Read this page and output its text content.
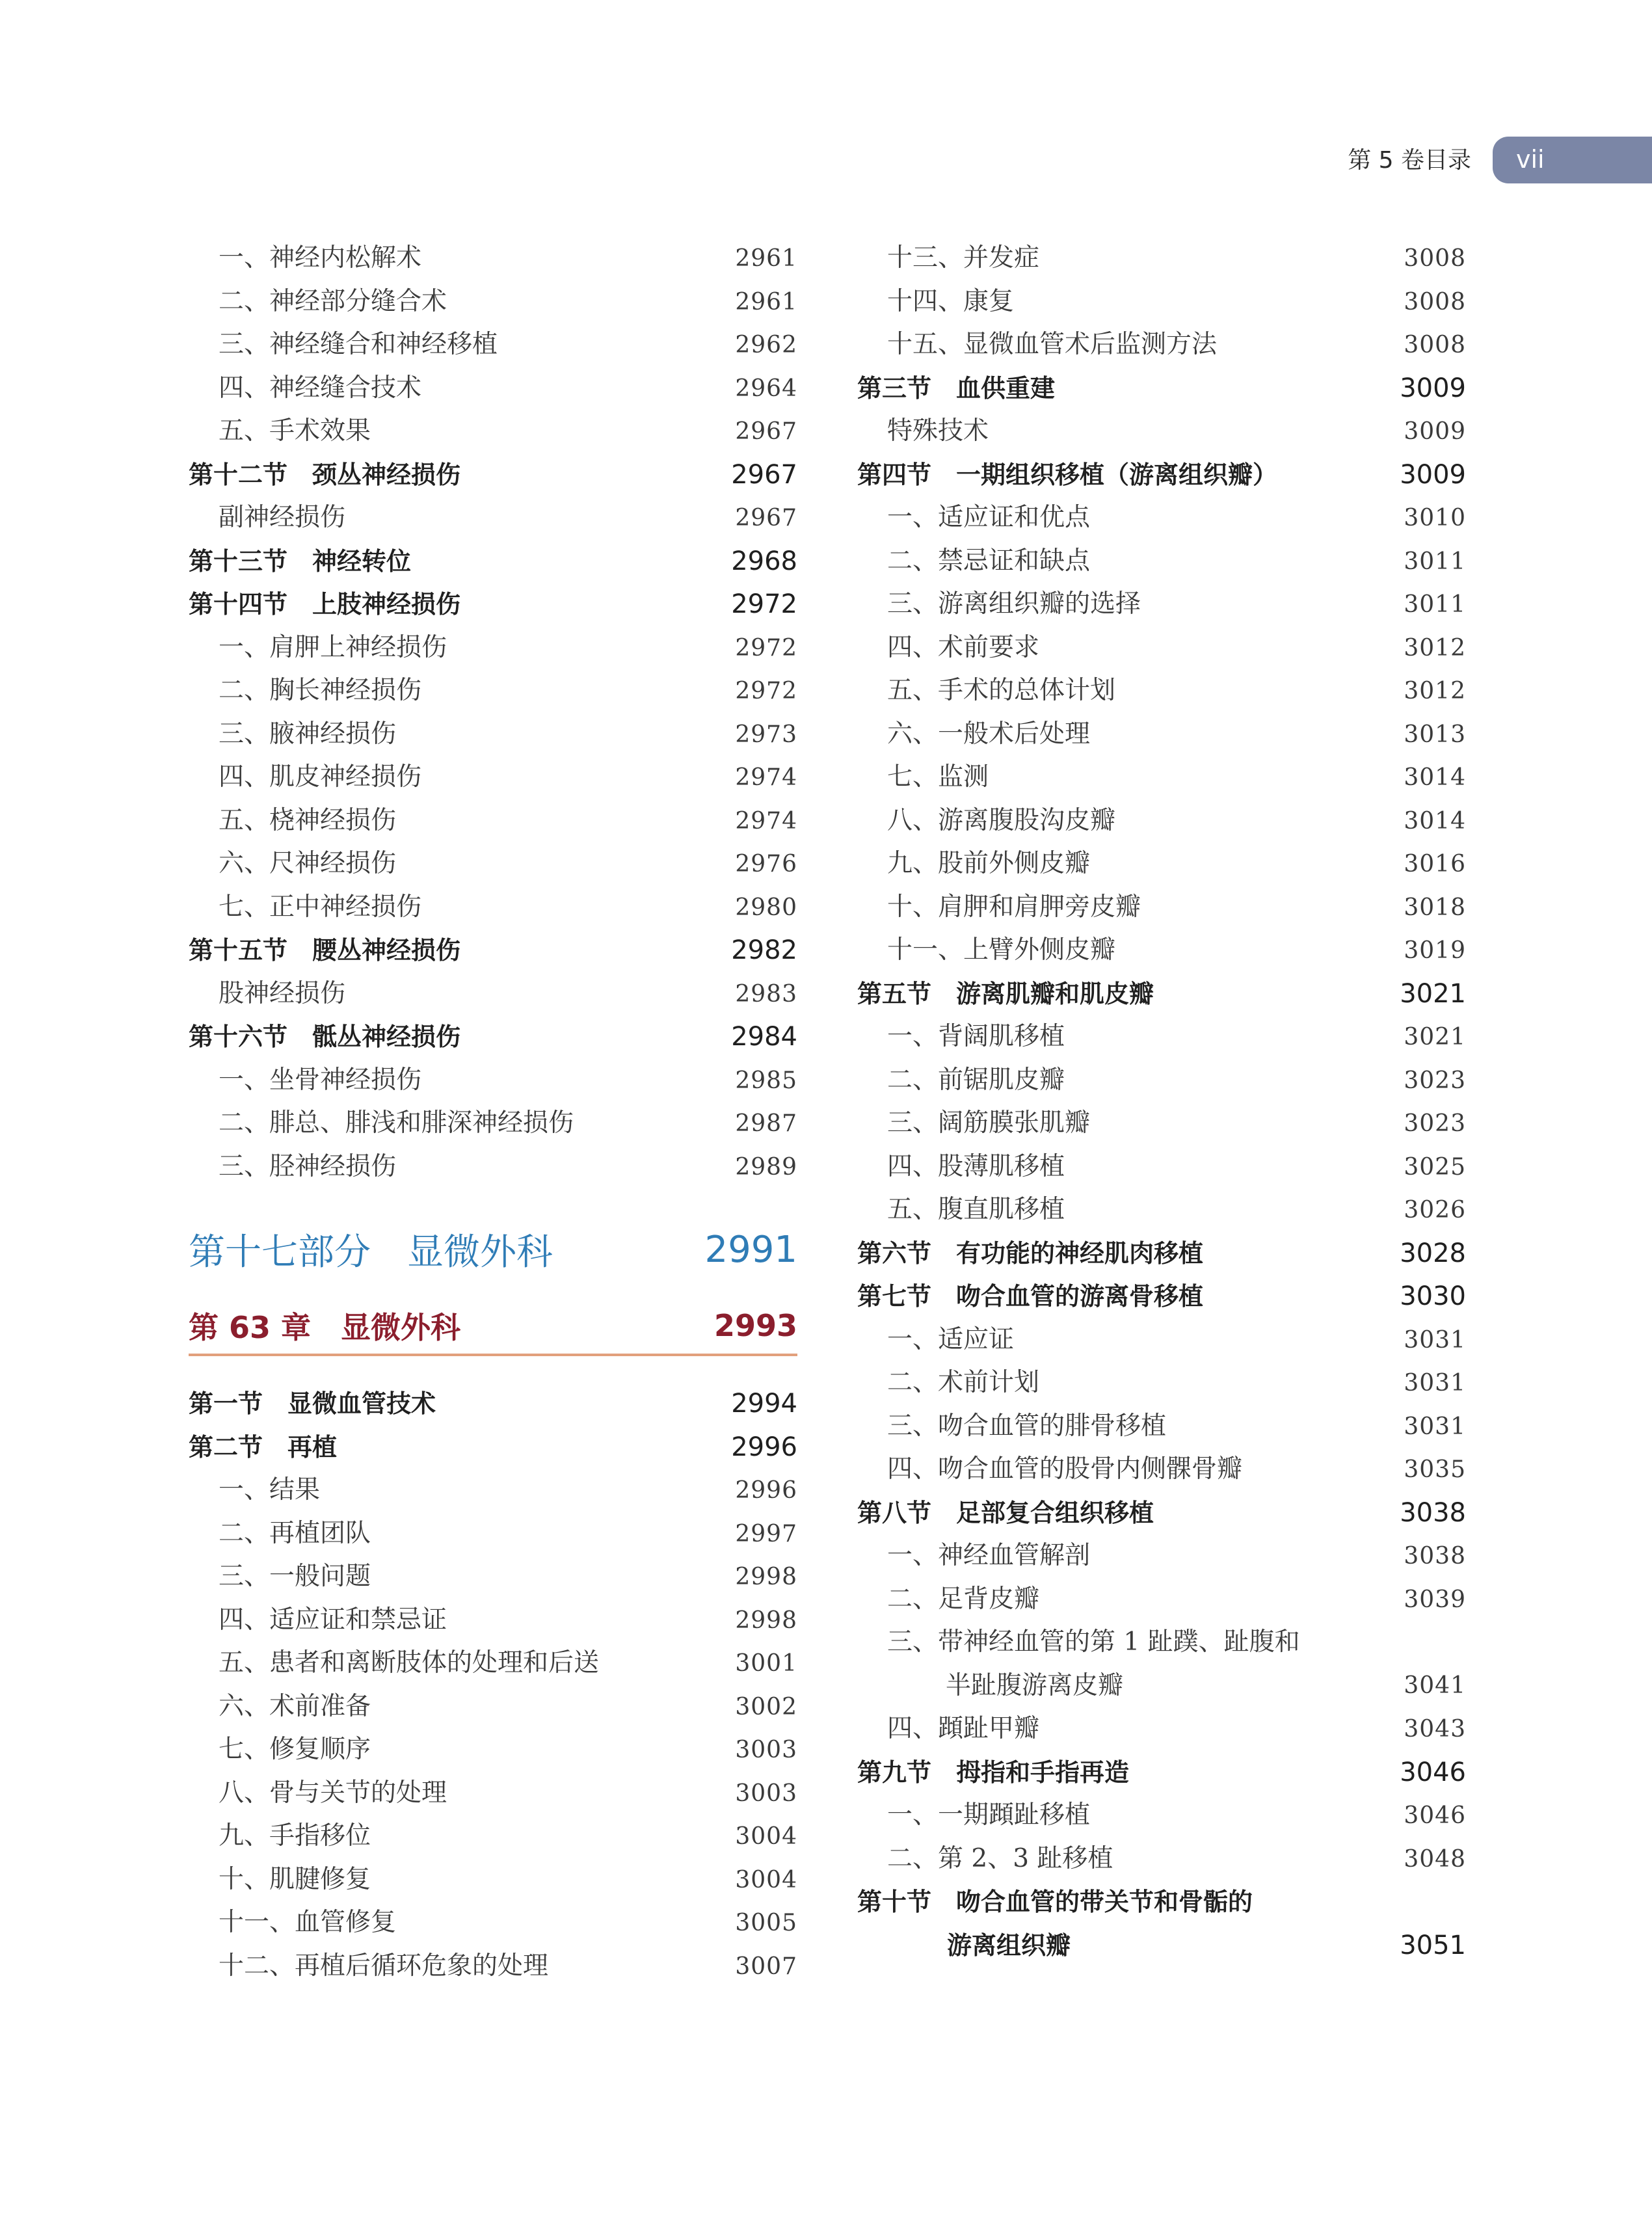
第 5 卷目录 vii
一、神经内松解术	2961
二、神经部分缝合术	2961
三、神经缝合和神经移植	2962
四、神经缝合技术	2964
五、手术效果	2967
第十二节　颈丛神经损伤	2967
副神经损伤	2967
第十三节　神经转位	2968
第十四节　上肢神经损伤	2972
一、肩胛上神经损伤	2972
二、胸长神经损伤	2972
三、腋神经损伤	2973
四、肌皮神经损伤	2974
五、桡神经损伤	2974
六、尺神经损伤	2976
七、正中神经损伤	2980
第十五节　腰丛神经损伤	2982
股神经损伤	2983
第十六节　骶丛神经损伤	2984
一、坐骨神经损伤	2985
二、腓总、腓浅和腓深神经损伤	2987
三、胫神经损伤	2989
第十七部分　显微外科	2991
第 63 章　显微外科	2993
第一节　显微血管技术	2994
第二节　再植	2996
一、结果	2996
二、再植团队	2997
三、一般问题	2998
四、适应证和禁忌证	2998
五、患者和离断肢体的处理和后送	3001
六、术前准备	3002
七、修复顺序	3003
八、骨与关节的处理	3003
九、手指移位	3004
十、肌腱修复	3004
十一、血管修复	3005
十二、再植后循环危象的处理	3007
十三、并发症	3008
十四、康复	3008
十五、显微血管术后监测方法	3008
第三节　血供重建	3009
特殊技术	3009
第四节　一期组织移植（游离组织瓣）	3009
一、适应证和优点	3010
二、禁忌证和缺点	3011
三、游离组织瓣的选择	3011
四、术前要求	3012
五、手术的总体计划	3012
六、一般术后处理	3013
七、监测	3014
八、游离腹股沟皮瓣	3014
九、股前外侧皮瓣	3016
十、肩胛和肩胛旁皮瓣	3018
十一、上臂外侧皮瓣	3019
第五节　游离肌瓣和肌皮瓣	3021
一、背阔肌移植	3021
二、前锯肌皮瓣	3023
三、阔筋膜张肌瓣	3023
四、股薄肌移植	3025
五、腹直肌移植	3026
第六节　有功能的神经肌肉移植	3028
第七节　吻合血管的游离骨移植	3030
一、适应证	3031
二、术前计划	3031
三、吻合血管的腓骨移植	3031
四、吻合血管的股骨内侧髁骨瓣	3035
第八节　足部复合组织移植	3038
一、神经血管解剖	3038
二、足背皮瓣	3039
三、带神经血管的第 1 趾蹼、趾腹和
半趾腹游离皮瓣	3041
四、蹞趾甲瓣	3043
第九节　拇指和手指再造	3046
一、一期蹞趾移植	3046
二、第 2、3 趾移植	3048
第十节　吻合血管的带关节和骨骺的
游离组织瓣	3051
